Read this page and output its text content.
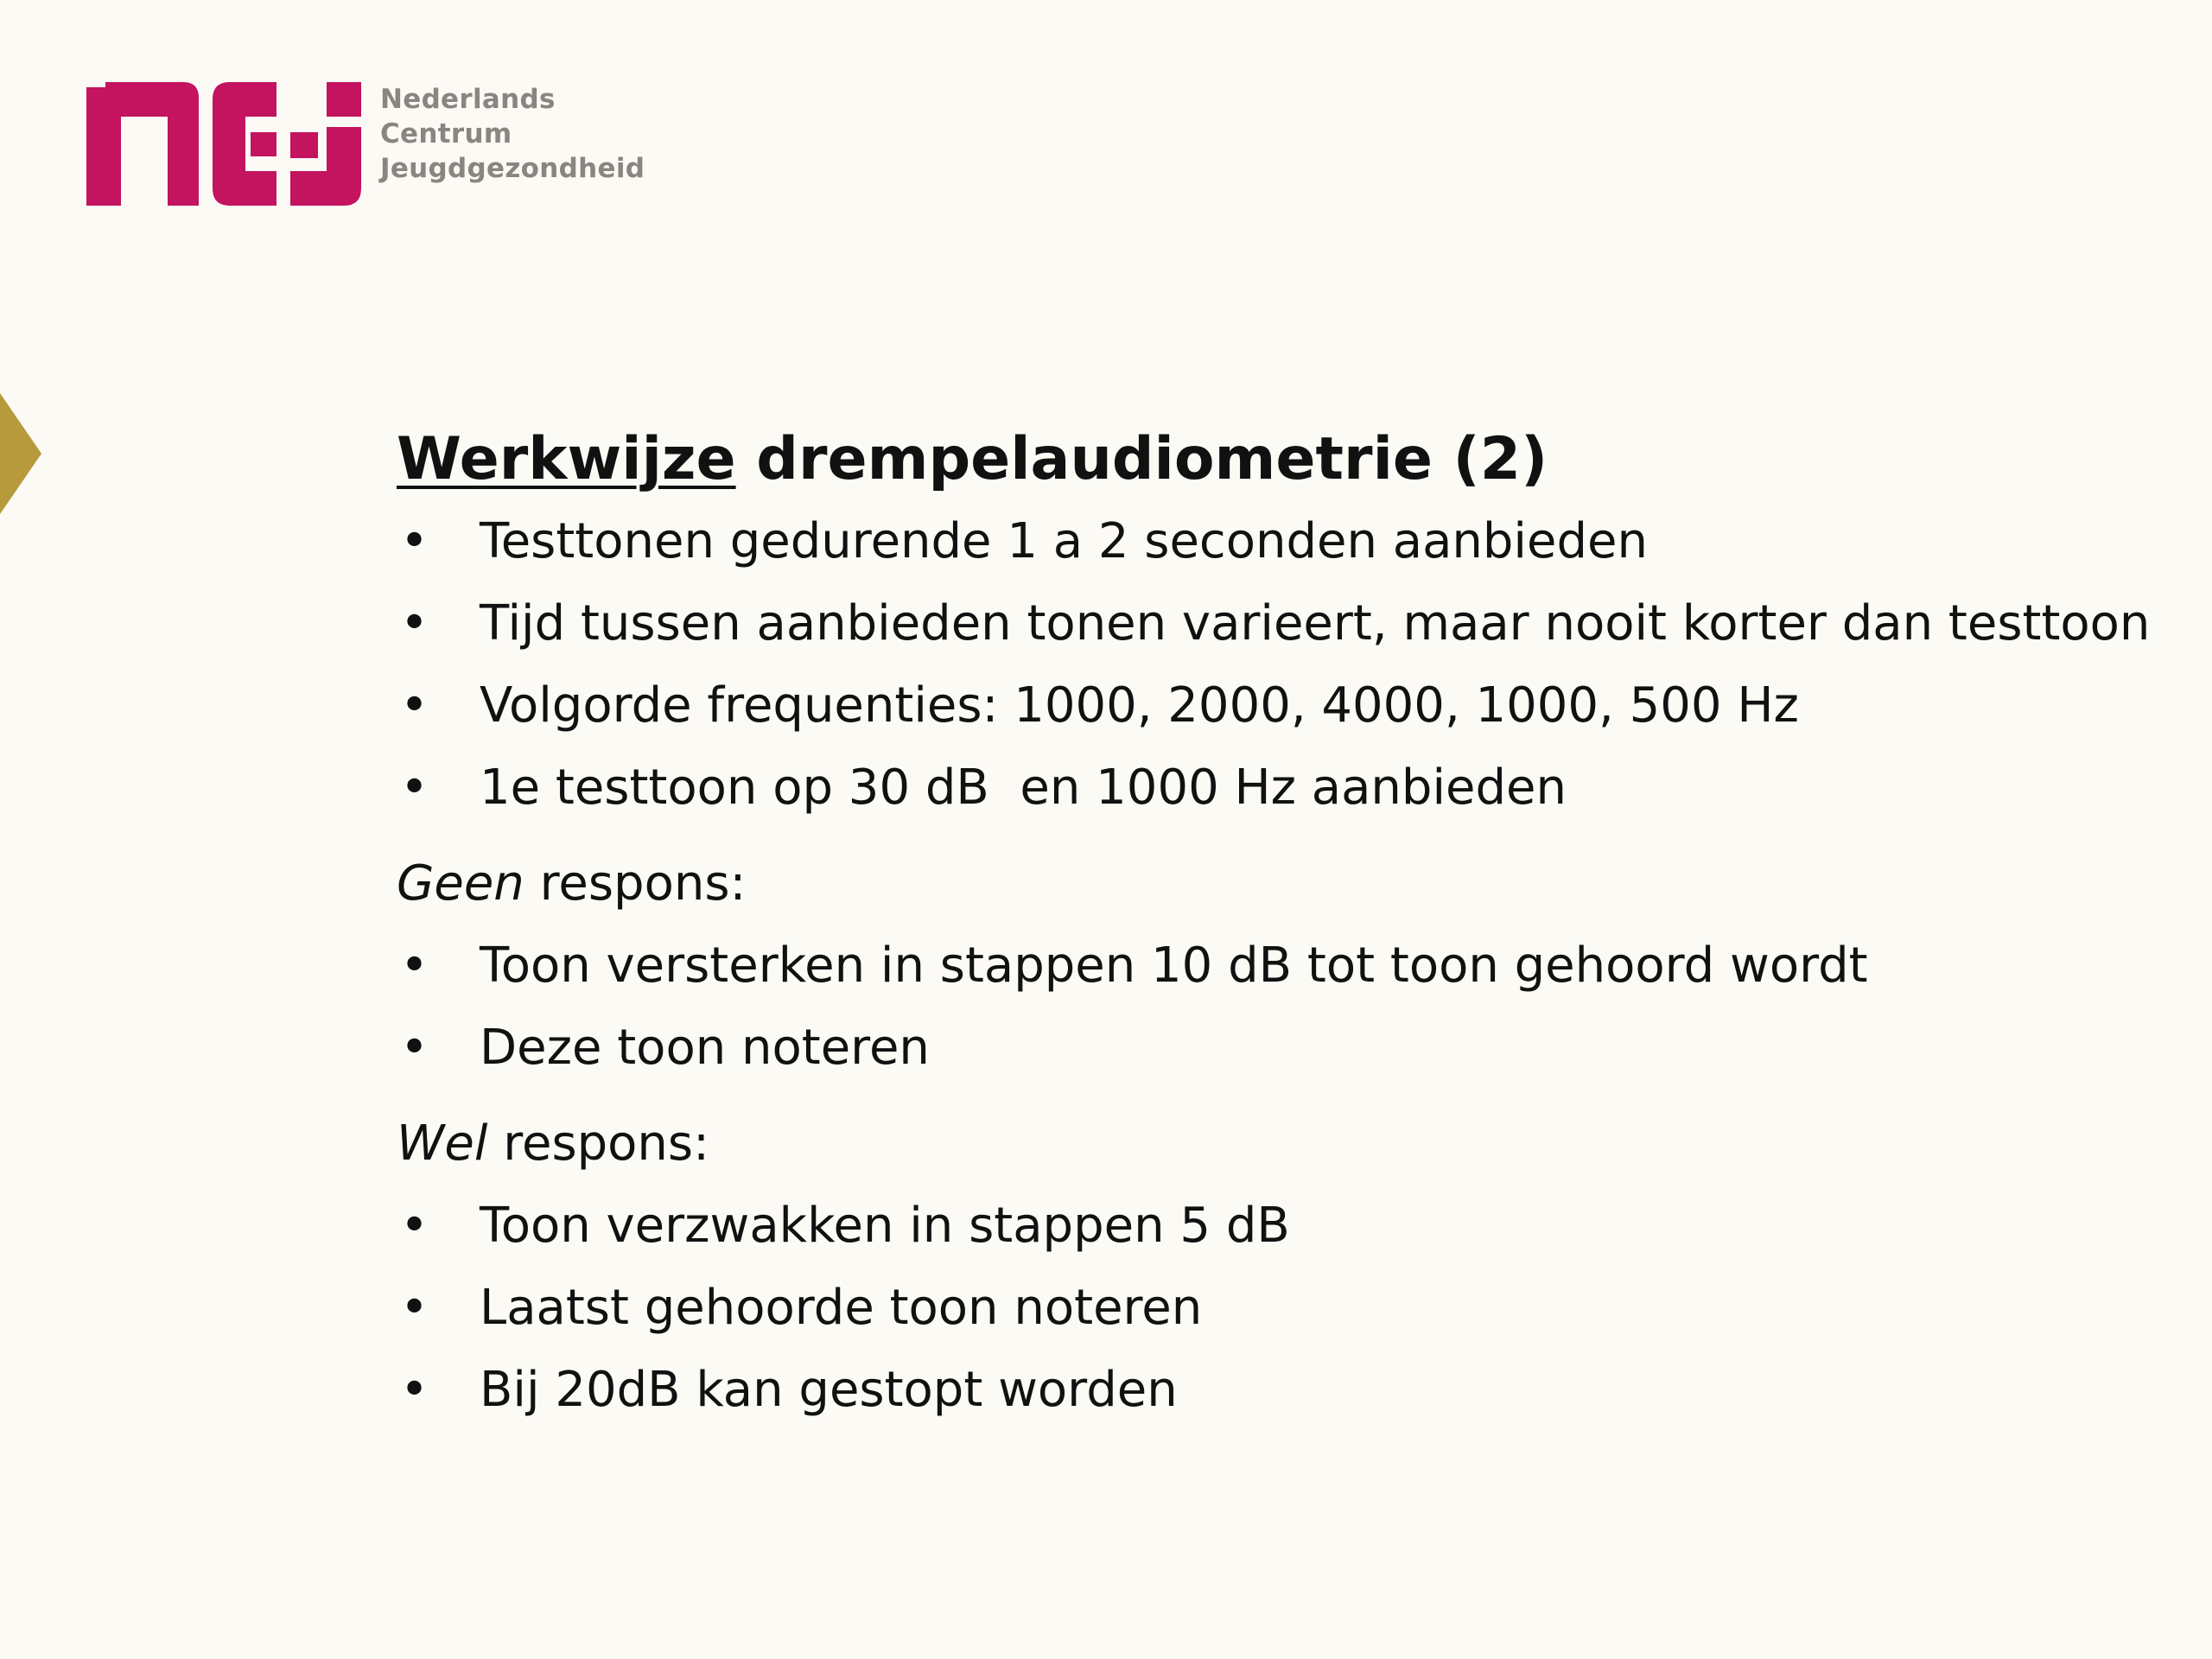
Nederlands
Centrum
Jeugdgezondheid
Werkwijze drempelaudiometrie (2)
• Testtonen gedurende 1 a 2 seconden aanbieden
• Tijd tussen aanbieden tonen varieert, maar nooit korter dan testtoon
• Volgorde frequenties: 1000, 2000, 4000, 1000, 500 Hz
• 1e testtoon op 30 dB  en 1000 Hz aanbieden
Geen respons:
• Toon versterken in stappen 10 dB tot toon gehoord wordt
• Deze toon noteren
Wel respons:
• Toon verzwakken in stappen 5 dB
• Laatst gehoorde toon noteren
• Bij 20dB kan gestopt worden
